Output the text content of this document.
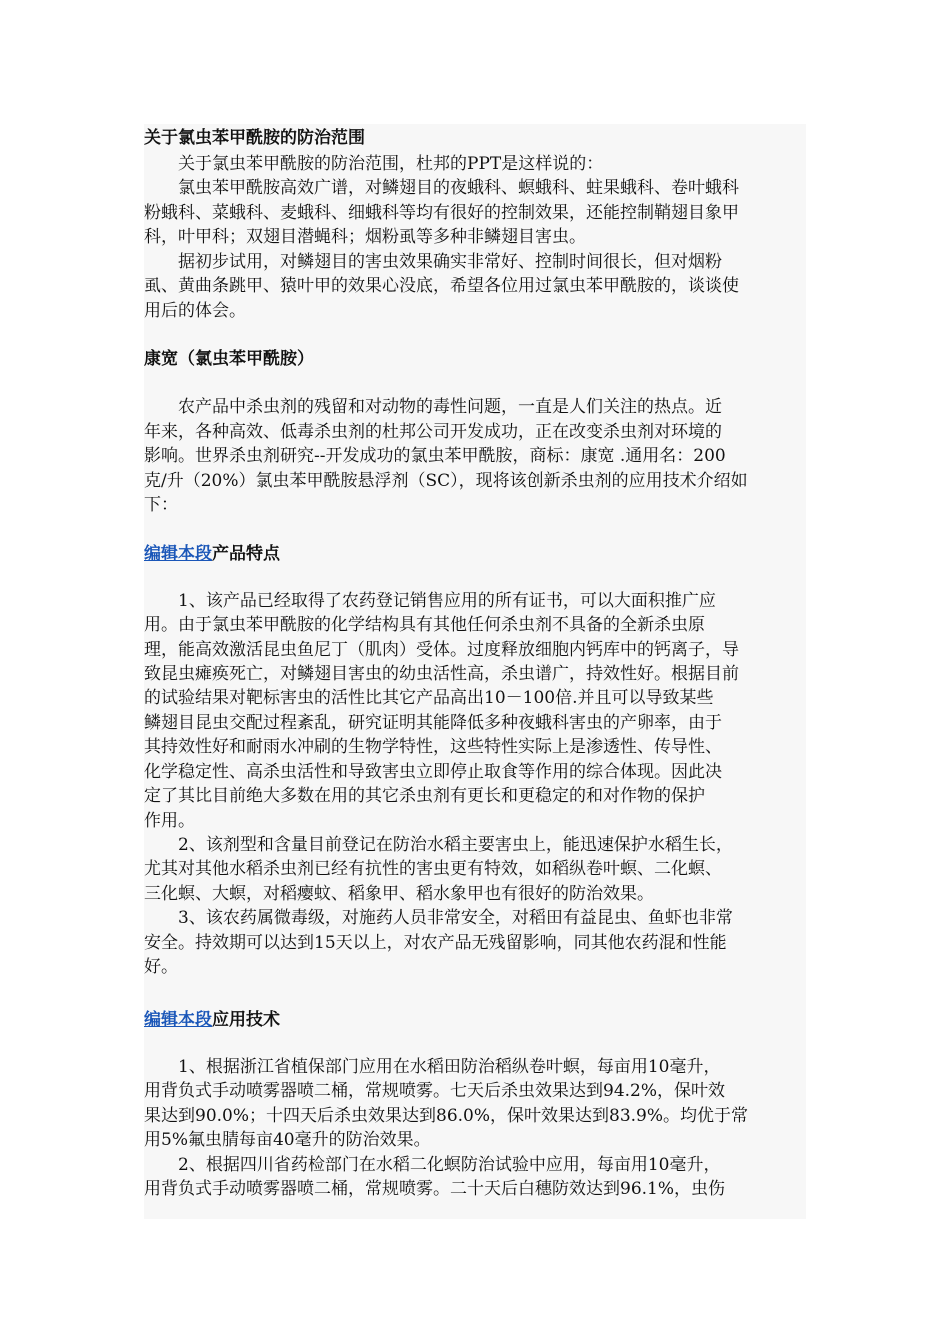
关于氯虫苯甲酰胺的防治范围
　　关于氯虫苯甲酰胺的防治范围，杜邦的PPT是这样说的：
　　氯虫苯甲酰胺高效广谱，对鳞翅目的夜蛾科、螟蛾科、蛀果蛾科、卷叶蛾科
粉蛾科、菜蛾科、麦蛾科、细蛾科等均有很好的控制效果，还能控制鞘翅目象甲
科，叶甲科；双翅目潜蝇科；烟粉虱等多种非鳞翅目害虫。
　　据初步试用，对鳞翅目的害虫效果确实非常好、控制时间很长，但对烟粉
虱、黄曲条跳甲、猿叶甲的效果心没底，希望各位用过氯虫苯甲酰胺的，谈谈使
用后的体会。
康宽（氯虫苯甲酰胺）
　　农产品中杀虫剂的残留和对动物的毒性问题，一直是人们关注的热点。近
年来，各种高效、低毒杀虫剂的杜邦公司开发成功，正在改变杀虫剂对环境的
影响。世界杀虫剂研究--开发成功的氯虫苯甲酰胺，商标：康宽 .通用名：200
克/升（20%）氯虫苯甲酰胺悬浮剂（SC），现将该创新杀虫剂的应用技术介绍如
下：
编辑本段产品特点
　　1、该产品已经取得了农药登记销售应用的所有证书，可以大面积推广应
用。由于氯虫苯甲酰胺的化学结构具有其他任何杀虫剂不具备的全新杀虫原
理，能高效激活昆虫鱼尼丁（肌肉）受体。过度释放细胞内钙库中的钙离子，导
致昆虫瘫痪死亡，对鳞翅目害虫的幼虫活性高，杀虫谱广，持效性好。根据目前
的试验结果对靶标害虫的活性比其它产品高出10－100倍.并且可以导致某些
鳞翅目昆虫交配过程紊乱，研究证明其能降低多种夜蛾科害虫的产卵率，由于
其持效性好和耐雨水冲刷的生物学特性，这些特性实际上是渗透性、传导性、
化学稳定性、高杀虫活性和导致害虫立即停止取食等作用的综合体现。因此决
定了其比目前绝大多数在用的其它杀虫剂有更长和更稳定的和对作物的保护
作用。
　　2、该剂型和含量目前登记在防治水稻主要害虫上，能迅速保护水稻生长，
尤其对其他水稻杀虫剂已经有抗性的害虫更有特效，如稻纵卷叶螟、二化螟、
三化螟、大螟，对稻瘿蚊、稻象甲、稻水象甲也有很好的防治效果。
　　3、该农药属微毒级，对施药人员非常安全，对稻田有益昆虫、鱼虾也非常
安全。持效期可以达到15天以上，对农产品无残留影响，同其他农药混和性能
好。
编辑本段应用技术
　　1、根据浙江省植保部门应用在水稻田防治稻纵卷叶螟，每亩用10毫升，
用背负式手动喷雾器喷二桶，常规喷雾。七天后杀虫效果达到94.2%，保叶效
果达到90.0%；十四天后杀虫效果达到86.0%，保叶效果达到83.9%。均优于常
用5%氟虫腈每亩40毫升的防治效果。
　　2、根据四川省药检部门在水稻二化螟防治试验中应用，每亩用10毫升，
用背负式手动喷雾器喷二桶，常规喷雾。二十天后白穗防效达到96.1%，虫伤
